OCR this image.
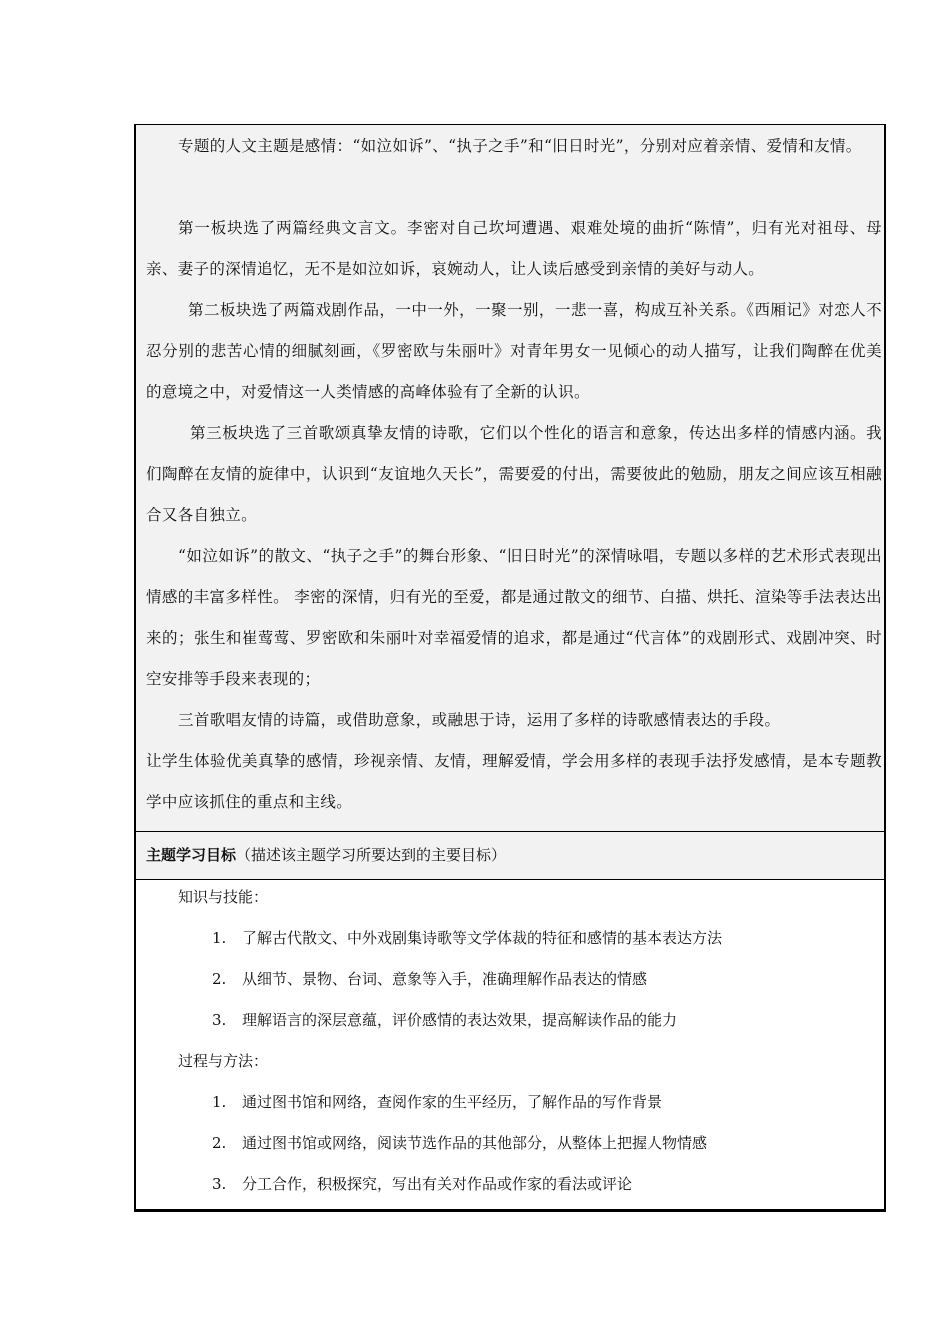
专题的人文主题是感情：“如泣如诉”、“执子之手”和“旧日时光”，分别对应着亲情、爱情和友情。

第一板块选了两篇经典文言文。李密对自己坎坷遭遇、艰难处境的曲折“陈情”，归有光对祖母、母亲、妻子的深情追忆，无不是如泣如诉，哀婉动人，让人读后感受到亲情的美好与动人。

第二板块选了两篇戏剧作品，一中一外，一聚一别，一悲一喜，构成互补关系。《西厢记》对恋人不忍分别的悲苦心情的细腻刻画，《罗密欧与朱丽叶》对青年男女一见倾心的动人描写，让我们陶醉在优美的意境之中，对爱情这一人类情感的高峰体验有了全新的认识。

第三板块选了三首歌颂真挚友情的诗歌，它们以个性化的语言和意象，传达出多样的情感内涵。我们陶醉在友情的旋律中，认识到“友谊地久天长”，需要爱的付出，需要彼此的勉励，朋友之间应该互相融合又各自独立。

“如泣如诉”的散文、“执子之手”的舞台形象、“旧日时光”的深情咏唱，专题以多样的艺术形式表现出情感的丰富多样性。 李密的深情，归有光的至爱，都是通过散文的细节、白描、烘托、渲染等手法表达出来的；张生和崔莺莺、罗密欧和朱丽叶对幸福爱情的追求，都是通过“代言体”的戏剧形式、戏剧冲突、时空安排等手段来表现的；

三首歌唱友情的诗篇，或借助意象，或融思于诗，运用了多样的诗歌感情表达的手段。

让学生体验优美真挚的感情，珍视亲情、友情，理解爱情，学会用多样的表现手法抒发感情，是本专题教学中应该抓住的重点和主线。

主题学习目标（描述该主题学习所要达到的主要目标）
知识与技能：
1. 了解古代散文、中外戏剧集诗歌等文学体裁的特征和感情的基本表达方法
2. 从细节、景物、台词、意象等入手，准确理解作品表达的情感
3. 理解语言的深层意蕴，评价感情的表达效果，提高解读作品的能力
过程与方法：
1. 通过图书馆和网络，查阅作家的生平经历，了解作品的写作背景
2. 通过图书馆或网络，阅读节选作品的其他部分，从整体上把握人物情感
3. 分工合作，积极探究，写出有关对作品或作家的看法或评论
